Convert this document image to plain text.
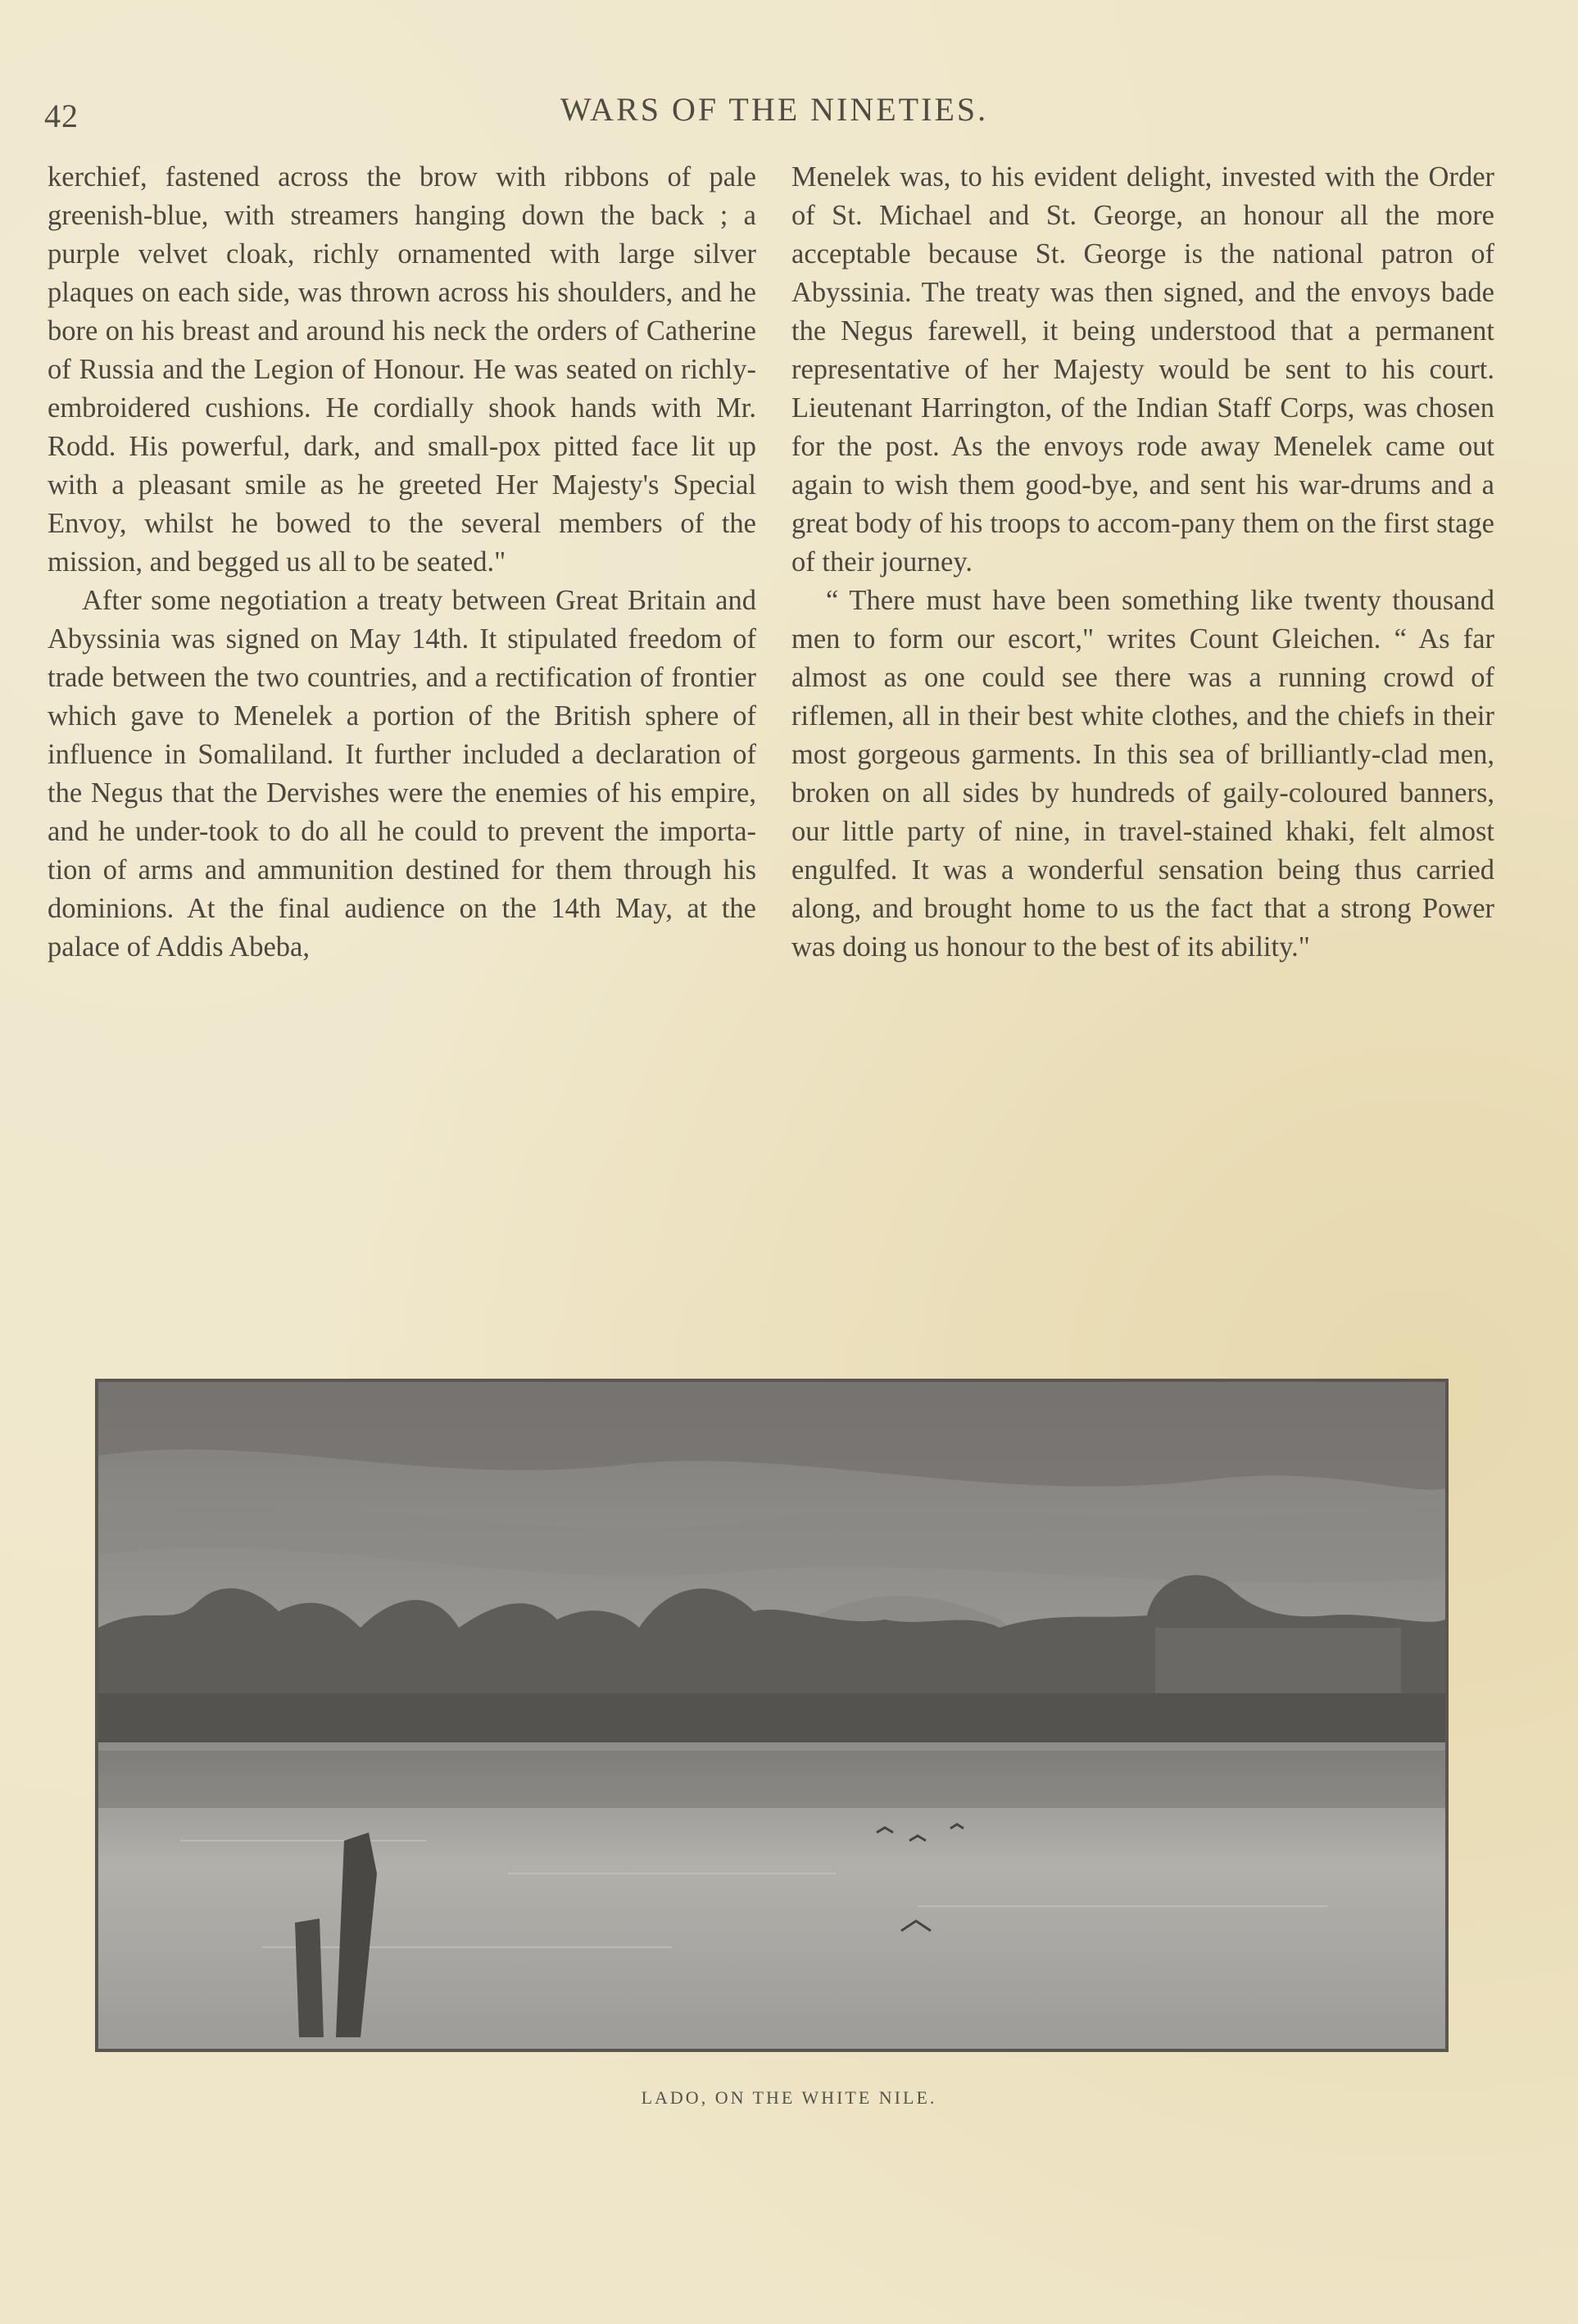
42	WARS OF THE NINETIES.

kerchief, fastened across the brow with ribbons of pale greenish-blue, with streamers hanging down the back ; a purple velvet cloak, richly ornamented with large silver plaques on each side, was thrown across his shoulders, and he bore on his breast and around his neck the orders of Catherine of Russia and the Legion of Honour. He was seated on richly-embroidered cushions. He cordially shook hands with Mr. Rodd. His powerful, dark, and small-pox pitted face lit up with a pleasant smile as he greeted Her Majesty's Special Envoy, whilst he bowed to the several members of the mission, and begged us all to be seated."

After some negotiation a treaty between Great Britain and Abyssinia was signed on May 14th. It stipulated freedom of trade between the two countries, and a rectification of frontier which gave to Menelek a portion of the British sphere of influence in Somaliland. It further included a declaration of the Negus that the Dervishes were the enemies of his empire, and he under-took to do all he could to prevent the importa-tion of arms and ammunition destined for them through his dominions. At the final audience on the 14th May, at the palace of Addis Abeba,

Menelek was, to his evident delight, invested with the Order of St. Michael and St. George, an honour all the more acceptable because St. George is the national patron of Abyssinia. The treaty was then signed, and the envoys bade the Negus farewell, it being understood that a permanent representative of her Majesty would be sent to his court. Lieutenant Harrington, of the Indian Staff Corps, was chosen for the post. As the envoys rode away Menelek came out again to wish them good-bye, and sent his war-drums and a great body of his troops to accom-pany them on the first stage of their journey.

“ There must have been something like twenty thousand men to form our escort," writes Count Gleichen. “ As far almost as one could see there was a running crowd of riflemen, all in their best white clothes, and the chiefs in their most gorgeous garments. In this sea of brilliantly-clad men, broken on all sides by hundreds of gaily-coloured banners, our little party of nine, in travel-stained khaki, felt almost engulfed. It was a wonderful sensation being thus carried along, and brought home to us the fact that a strong Power was doing us honour to the best of its ability."

LADO, ON THE WHITE NILE.
